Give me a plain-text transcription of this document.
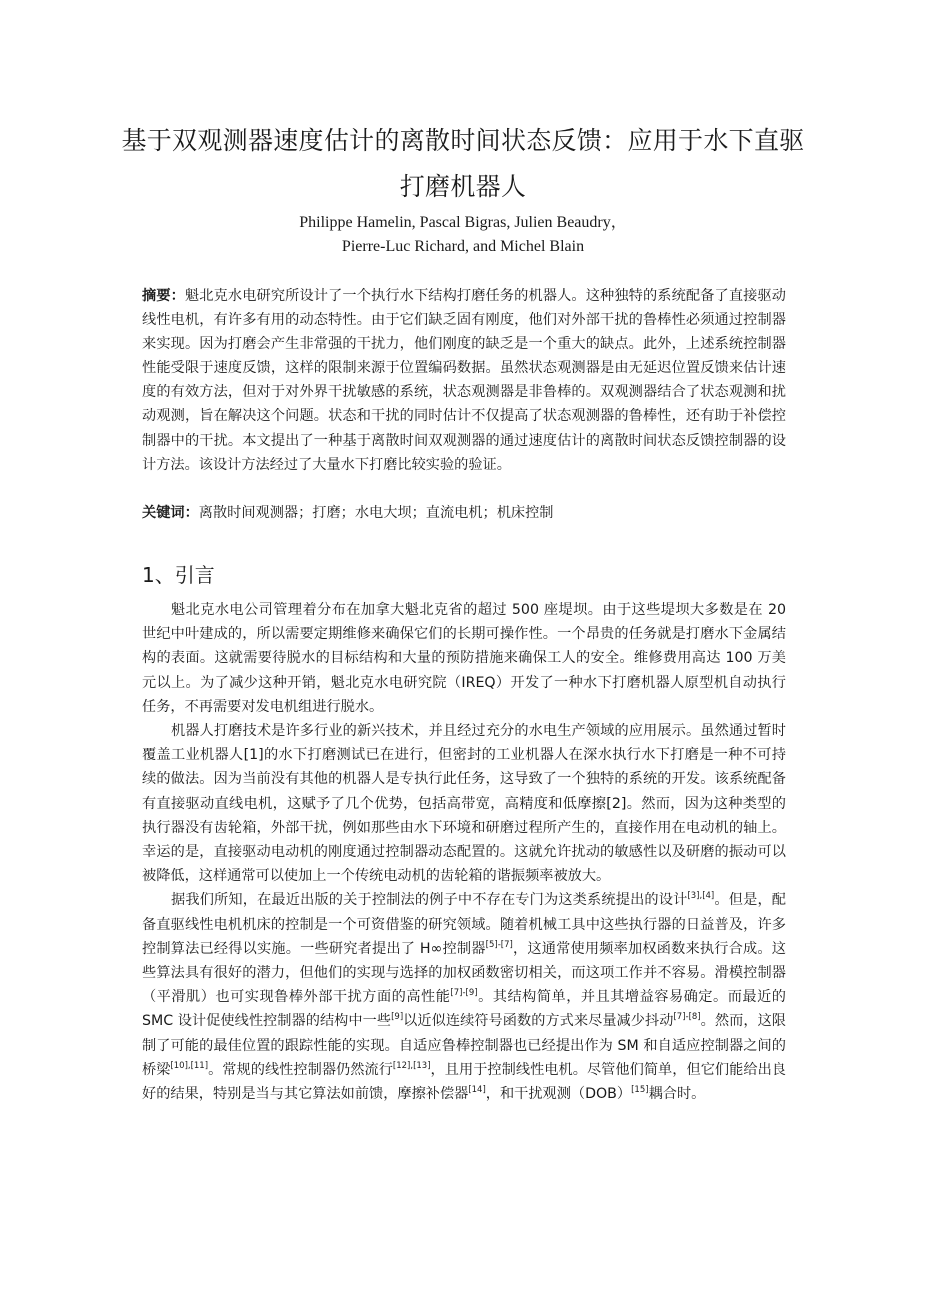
基于双观测器速度估计的离散时间状态反馈：应用于水下直驱打磨机器人
Philippe Hamelin, Pascal Bigras, Julien Beaudry，
Pierre-Luc Richard, and Michel Blain
摘要：魁北克水电研究所设计了一个执行水下结构打磨任务的机器人。这种独特的系统配备了直接驱动线性电机，有许多有用的动态特性。由于它们缺乏固有刚度，他们对外部干扰的鲁棒性必须通过控制器来实现。因为打磨会产生非常强的干扰力，他们刚度的缺乏是一个重大的缺点。此外，上述系统控制器性能受限于速度反馈，这样的限制来源于位置编码数据。虽然状态观测器是由无延迟位置反馈来估计速度的有效方法，但对于对外界干扰敏感的系统，状态观测器是非鲁棒的。双观测器结合了状态观测和扰动观测，旨在解决这个问题。状态和干扰的同时估计不仅提高了状态观测器的鲁棒性，还有助于补偿控制器中的干扰。本文提出了一种基于离散时间双观测器的通过速度估计的离散时间状态反馈控制器的设计方法。该设计方法经过了大量水下打磨比较实验的验证。
关键词：离散时间观测器；打磨；水电大坝；直流电机；机床控制
1、引言

魁北克水电公司管理着分布在加拿大魁北克省的超过 500 座堤坝。由于这些堤坝大多数是在 20 世纪中叶建成的，所以需要定期维修来确保它们的长期可操作性。一个昂贵的任务就是打磨水下金属结构的表面。这就需要待脱水的目标结构和大量的预防措施来确保工人的安全。维修费用高达 100 万美元以上。为了减少这种开销，魁北克水电研究院（IREQ）开发了一种水下打磨机器人原型机自动执行任务，不再需要对发电机组进行脱水。

机器人打磨技术是许多行业的新兴技术，并且经过充分的水电生产领域的应用展示。虽然通过暂时覆盖工业机器人[1]的水下打磨测试已在进行，但密封的工业机器人在深水执行水下打磨是一种不可持续的做法。因为当前没有其他的机器人是专执行此任务，这导致了一个独特的系统的开发。该系统配备有直接驱动直线电机，这赋予了几个优势，包括高带宽，高精度和低摩擦[2]。然而，因为这种类型的执行器没有齿轮箱，外部干扰，例如那些由水下环境和研磨过程所产生的，直接作用在电动机的轴上。幸运的是，直接驱动电动机的刚度通过控制器动态配置的。这就允许扰动的敏感性以及研磨的振动可以被降低，这样通常可以使加上一个传统电动机的齿轮箱的谐振频率被放大。

据我们所知，在最近出版的关于控制法的例子中不存在专门为这类系统提出的设计[3],[4]。但是，配备直驱线性电机机床的控制是一个可资借鉴的研究领域。随着机械工具中这些执行器的日益普及，许多控制算法已经得以实施。一些研究者提出了 H∞控制器[5]-[7]，这通常使用频率加权函数来执行合成。这些算法具有很好的潜力，但他们的实现与选择的加权函数密切相关，而这项工作并不容易。滑模控制器（平滑肌）也可实现鲁棒外部干扰方面的高性能[7]-[9]。其结构简单，并且其增益容易确定。而最近的 SMC 设计促使线性控制器的结构中一些[9]以近似连续符号函数的方式来尽量减少抖动[7]-[8]。然而，这限制了可能的最佳位置的跟踪性能的实现。自适应鲁棒控制器也已经提出作为 SM 和自适应控制器之间的桥梁[10],[11]。常规的线性控制器仍然流行[12],[13]，且用于控制线性电机。尽管他们简单，但它们能给出良好的结果，特别是当与其它算法如前馈，摩擦补偿器[14]，和干扰观测（DOB）[15]耦合时。
